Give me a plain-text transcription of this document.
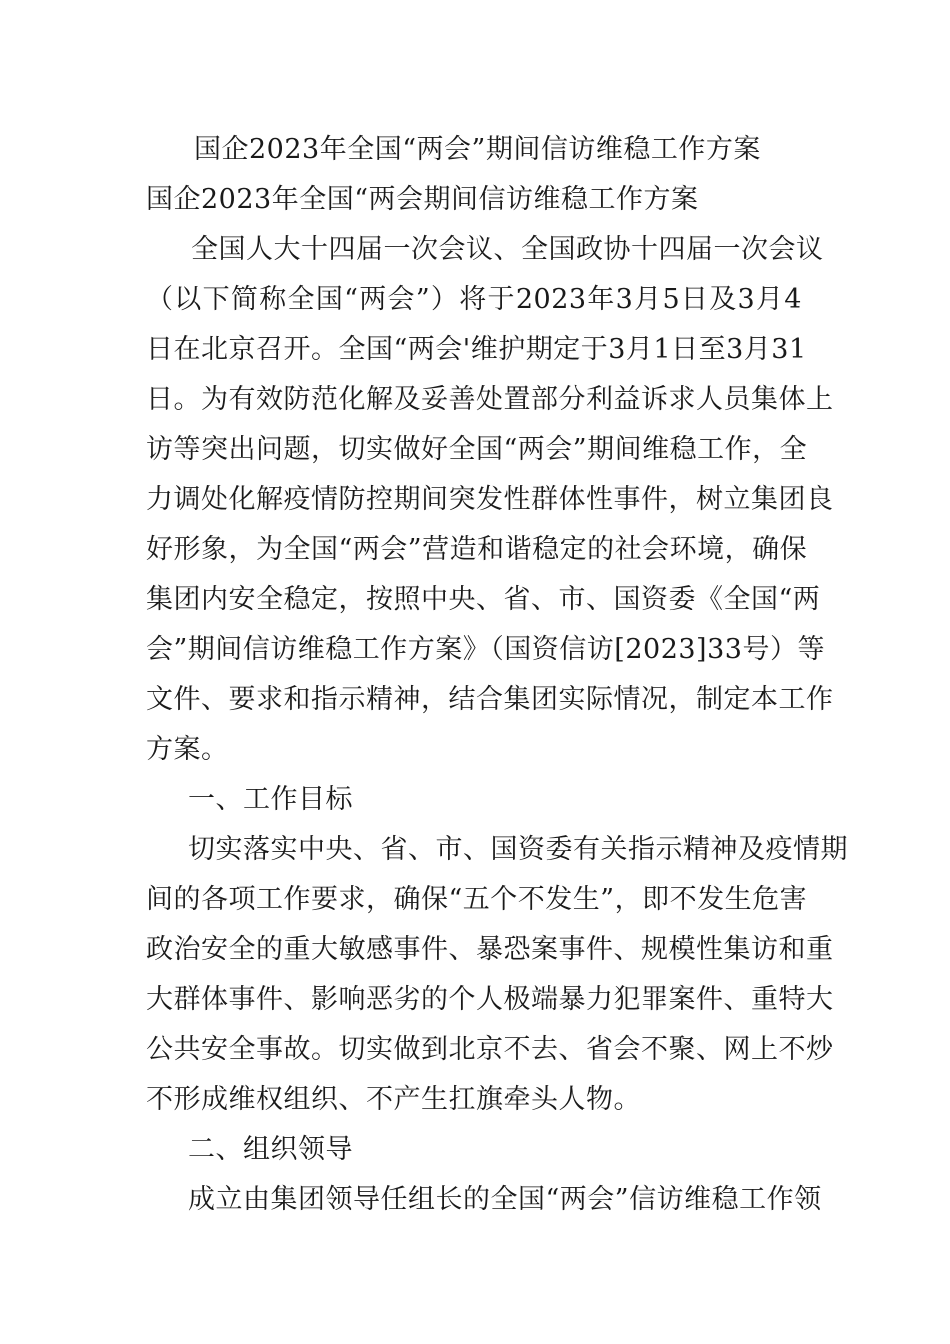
国企2023年全国“两会”期间信访维稳工作方案
国企2023年全国“两会期间信访维稳工作方案
全国人大十四届一次会议、全国政协十四届一次会议
（以下简称全国“两会”）将于2023年3月5日及3月4
日在北京召开。全国“两会'维护期定于3月1日至3月31
日。为有效防范化解及妥善处置部分利益诉求人员集体上
访等突出问题，切实做好全国“两会”期间维稳工作，全
力调处化解疫情防控期间突发性群体性事件，树立集团良
好形象，为全国“两会”营造和谐稳定的社会环境，确保
集团内安全稳定，按照中央、省、市、国资委《全国“两
会”期间信访维稳工作方案》（国资信访[2023]33号）等
文件、要求和指示精神，结合集团实际情况，制定本工作
方案。
一、工作目标
切实落实中央、省、市、国资委有关指示精神及疫情期
间的各项工作要求，确保“五个不发生”，即不发生危害
政治安全的重大敏感事件、暴恐案事件、规模性集访和重
大群体事件、影响恶劣的个人极端暴力犯罪案件、重特大
公共安全事故。切实做到北京不去、省会不聚、网上不炒
不形成维权组织、不产生扛旗牵头人物。
二、组织领导
成立由集团领导任组长的全国“两会”信访维稳工作领
